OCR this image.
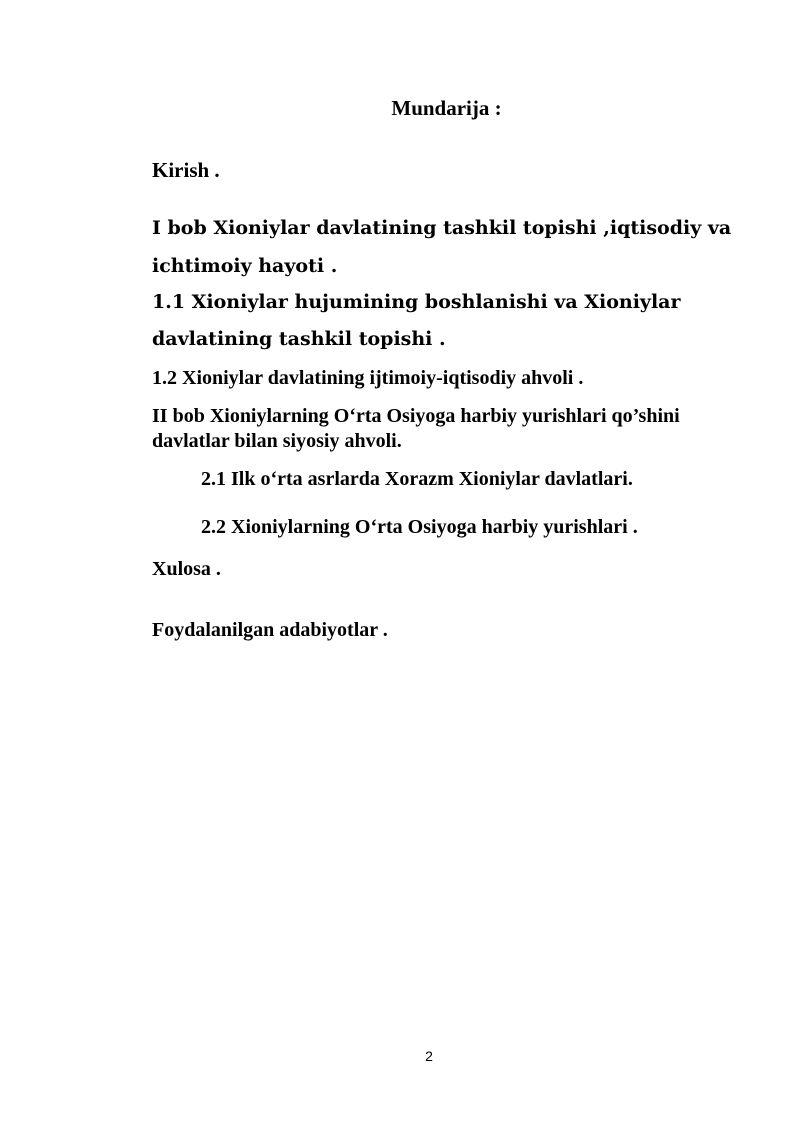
Mundarija :
Kirish .
I bob Xioniylar davlatining tashkil topishi ,iqtisodiy va
ichtimoiy hayoti .
1.1 Xioniylar hujumining boshlanishi va Xioniylar
davlatining tashkil topishi .
1.2 Xioniylar davlatining ijtimoiy-iqtisodiy ahvoli .
II bob Xioniylarning O‘rta Osiyoga harbiy yurishlari qo’shini
davlatlar bilan siyosiy ahvoli.
2.1 Ilk o‘rta asrlarda Xorazm Xioniylar davlatlari.
2.2 Xioniylarning O‘rta Osiyoga harbiy yurishlari .
Xulosa .
Foydalanilgan adabiyotlar .
2
